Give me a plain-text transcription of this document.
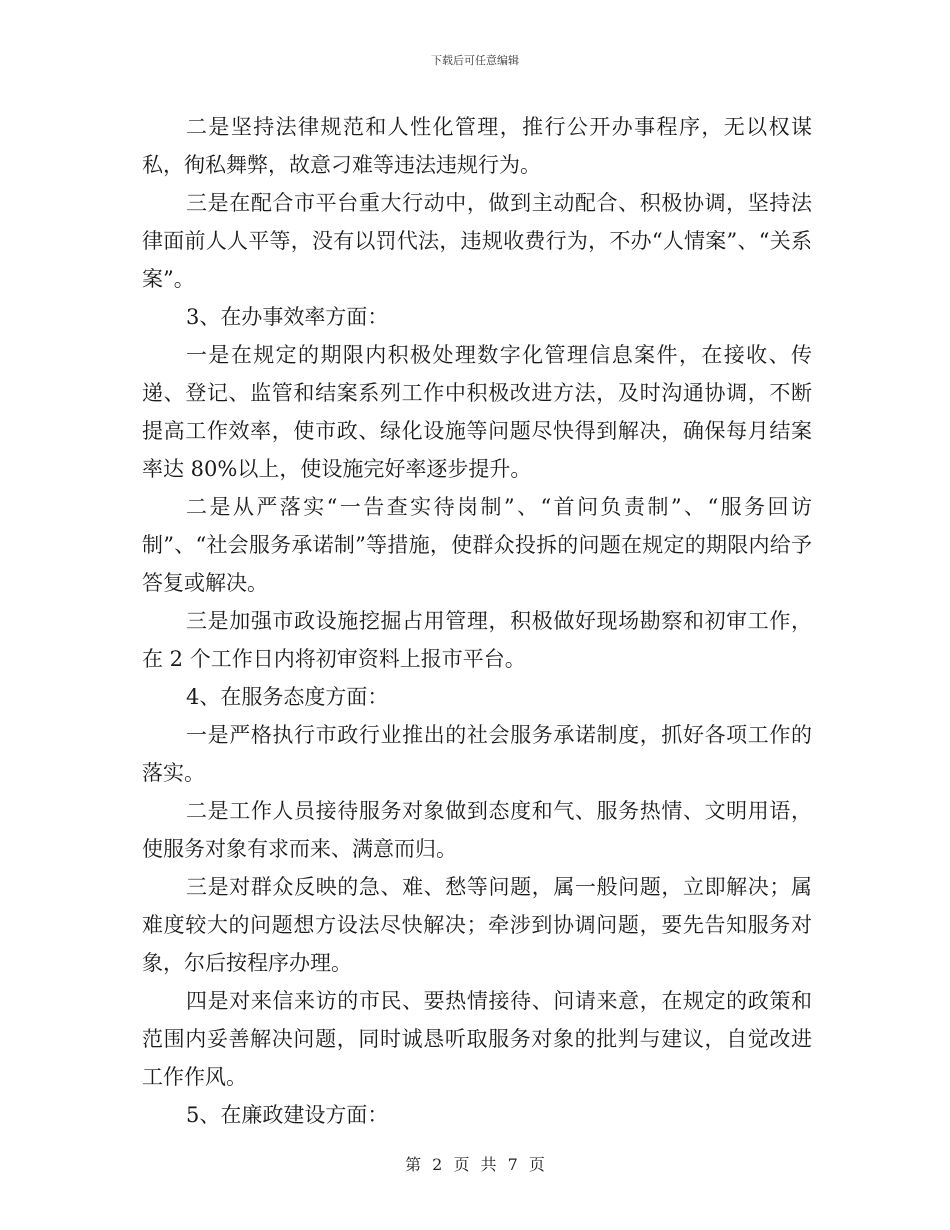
下载后可任意编辑

二是坚持法律规范和人性化管理，推行公开办事程序，无以权谋私，徇私舞弊，故意刁难等违法违规行为。

三是在配合市平台重大行动中，做到主动配合、积极协调，坚持法律面前人人平等，没有以罚代法，违规收费行为，不办“人情案”、“关系案”。

3、在办事效率方面：

一是在规定的期限内积极处理数字化管理信息案件，在接收、传递、登记、监管和结案系列工作中积极改进方法，及时沟通协调，不断提高工作效率，使市政、绿化设施等问题尽快得到解决，确保每月结案率达 80%以上，使设施完好率逐步提升。

二是从严落实“一告查实待岗制”、“首问负责制”、“服务回访制”、“社会服务承诺制”等措施，使群众投拆的问题在规定的期限内给予答复或解决。

三是加强市政设施挖掘占用管理，积极做好现场勘察和初审工作，在 2 个工作日内将初审资料上报市平台。

4、在服务态度方面：

一是严格执行市政行业推出的社会服务承诺制度，抓好各项工作的落实。

二是工作人员接待服务对象做到态度和气、服务热情、文明用语，使服务对象有求而来、满意而归。

三是对群众反映的急、难、愁等问题，属一般问题，立即解决；属难度较大的问题想方设法尽快解决；牵涉到协调问题，要先告知服务对象，尔后按程序办理。

四是对来信来访的市民、要热情接待、问请来意，在规定的政策和范围内妥善解决问题，同时诚恳听取服务对象的批判与建议，自觉改进工作作风。

5、在廉政建设方面：

第 2 页 共 7 页
